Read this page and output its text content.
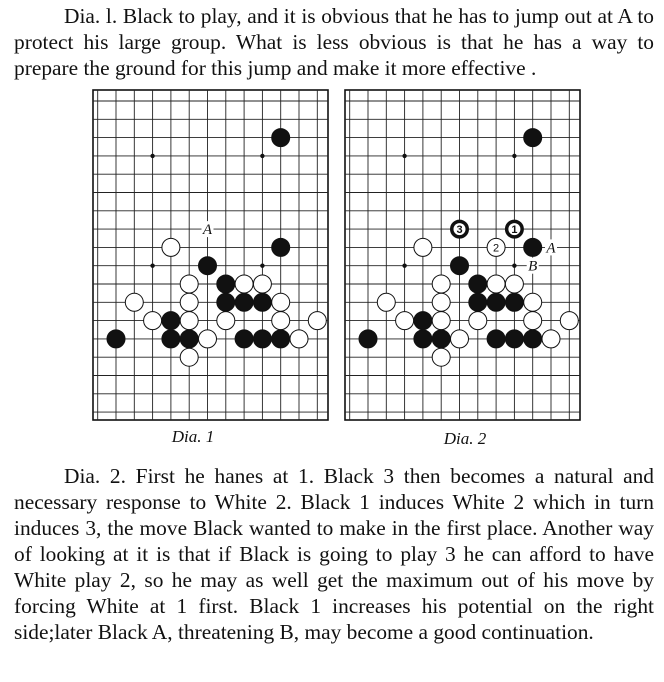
Dia. l. Black to play, and it is obvious that he has to jump out at A to protect his large group. What is less obvious is that he has a way to prepare the ground for this jump and make it more effective .

A
Dia. 1
1
2
3
A
B
Dia. 2

Dia. 2. First he hanes at 1. Black 3 then becomes a natural and necessary response to White 2. Black 1 induces White 2 which in turn induces 3, the move Black wanted to make in the first place. Another way of looking at it is that if Black is going to play 3 he can afford to have White play 2, so he may as well get the maximum out of his move by forcing White at 1 first. Black 1 increases his potential on the right side;later Black A, threatening B, may become a good continuation.
